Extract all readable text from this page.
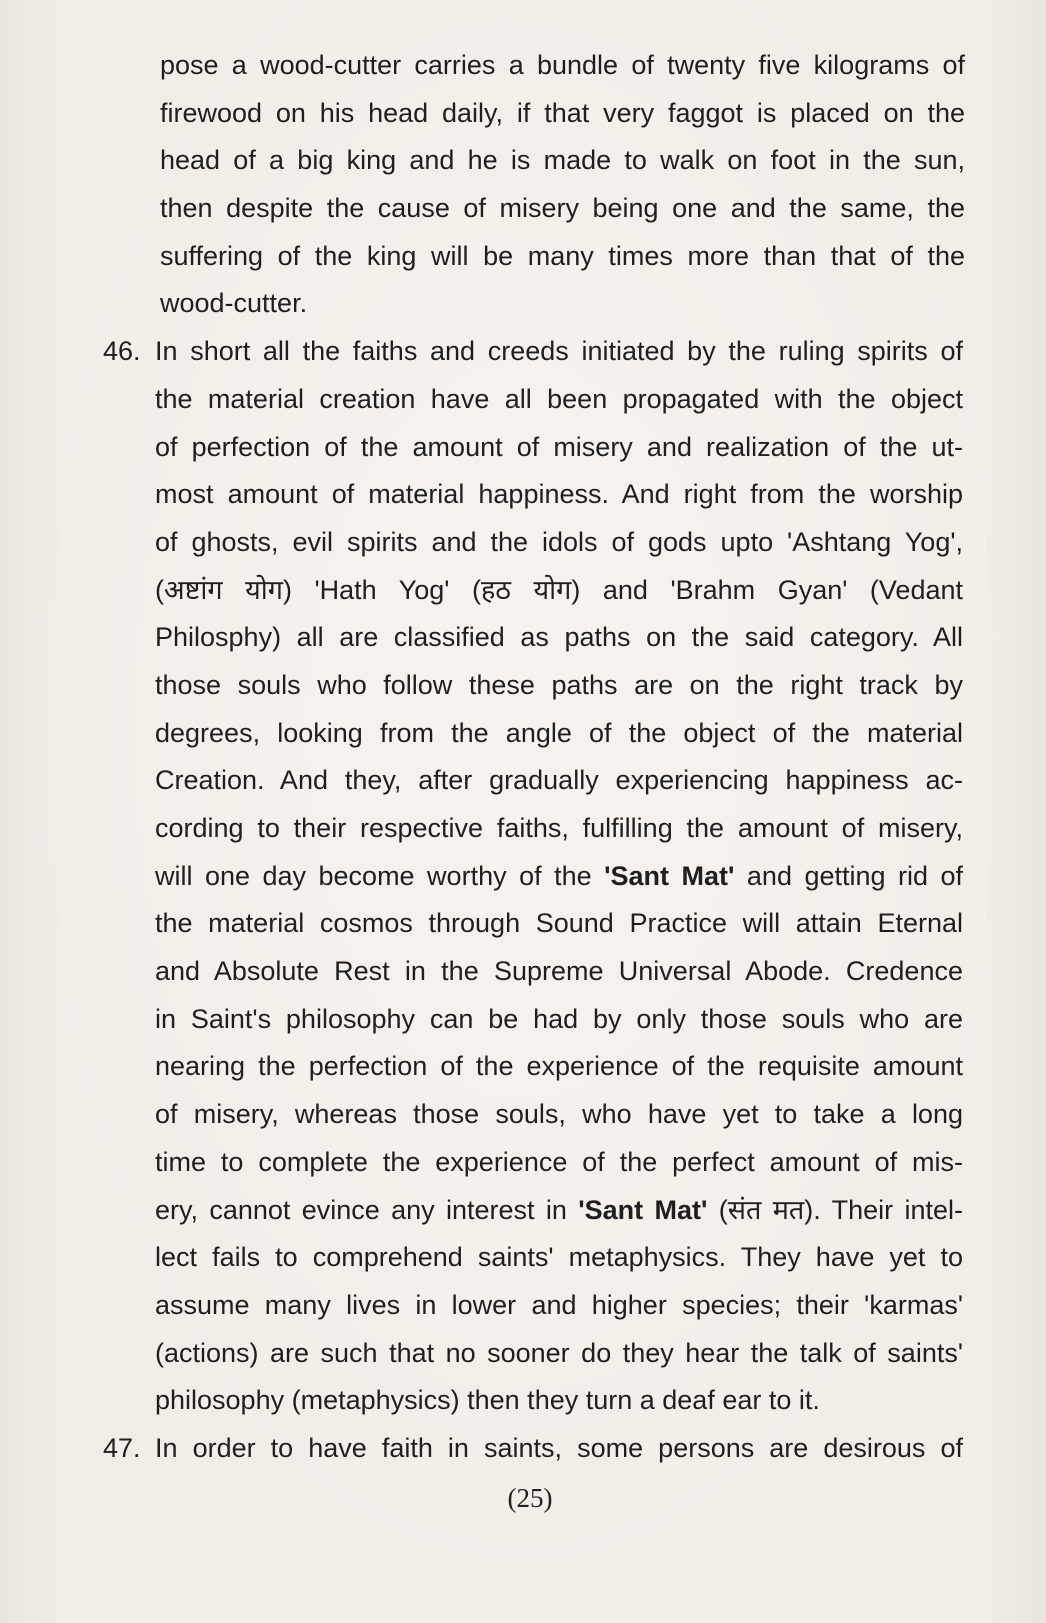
pose a wood-cutter carries a bundle of twenty five kilograms of
firewood on his head daily, if that very faggot is placed on the
head of a big king and he is made to walk on foot in the sun,
then despite the cause of misery being one and the same, the
suffering of the king will be many times more than that of the
wood-cutter.
46. In short all the faiths and creeds initiated by the ruling spirits of
the material creation have all been propagated with the object
of perfection of the amount of misery and realization of the ut-
most amount of material happiness. And right from the worship
of ghosts, evil spirits and the idols of gods upto 'Ashtang Yog',
(अष्टांग योग) 'Hath Yog' (हठ योग) and 'Brahm Gyan' (Vedant
Philosphy) all are classified as paths on the said category. All
those souls who follow these paths are on the right track by
degrees, looking from the angle of the object of the material
Creation. And they, after gradually experiencing happiness ac-
cording to their respective faiths, fulfilling the amount of misery,
will one day become worthy of the 'Sant Mat' and getting rid of
the material cosmos through Sound Practice will attain Eternal
and Absolute Rest in the Supreme Universal Abode. Credence
in Saint's philosophy can be had by only those souls who are
nearing the perfection of the experience of the requisite amount
of misery, whereas those souls, who have yet to take a long
time to complete the experience of the perfect amount of mis-
ery, cannot evince any interest in 'Sant Mat' (संत मत). Their intel-
lect fails to comprehend saints' metaphysics. They have yet to
assume many lives in lower and higher species; their 'karmas'
(actions) are such that no sooner do they hear the talk of saints'
philosophy (metaphysics) then they turn a deaf ear to it.
47. In order to have faith in saints, some persons are desirous of
(25)
